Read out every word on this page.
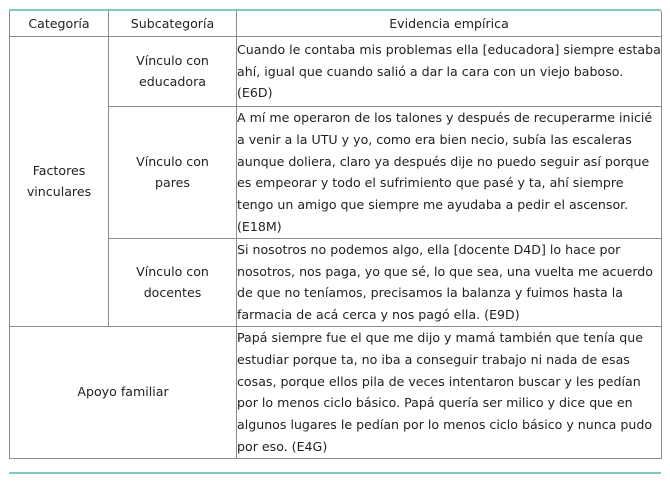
Categoría	Subcategoría	Evidencia empírica
Factores vinculares	Vínculo con educadora	Cuando le contaba mis problemas ella [educadora] siempre estaba ahí, igual que cuando salió a dar la cara con un viejo baboso. (E6D)
	Vínculo con pares	A mí me operaron de los talones y después de recuperarme inicié a venir a la UTU y yo, como era bien necio, subía las escaleras aunque doliera, claro ya después dije no puedo seguir así porque es empeorar y todo el sufrimiento que pasé y ta, ahí siempre tengo un amigo que siempre me ayudaba a pedir el ascensor. (E18M)
	Vínculo con docentes	Si nosotros no podemos algo, ella [docente D4D] lo hace por nosotros, nos paga, yo que sé, lo que sea, una vuelta me acuerdo de que no teníamos, precisamos la balanza y fuimos hasta la farmacia de acá cerca y nos pagó ella. (E9D)
Apoyo familiar		Papá siempre fue el que me dijo y mamá también que tenía que estudiar porque ta, no iba a conseguir trabajo ni nada de esas cosas, porque ellos pila de veces intentaron buscar y les pedían por lo menos ciclo básico. Papá quería ser milico y dice que en algunos lugares le pedían por lo menos ciclo básico y nunca pudo por eso. (E4G)
